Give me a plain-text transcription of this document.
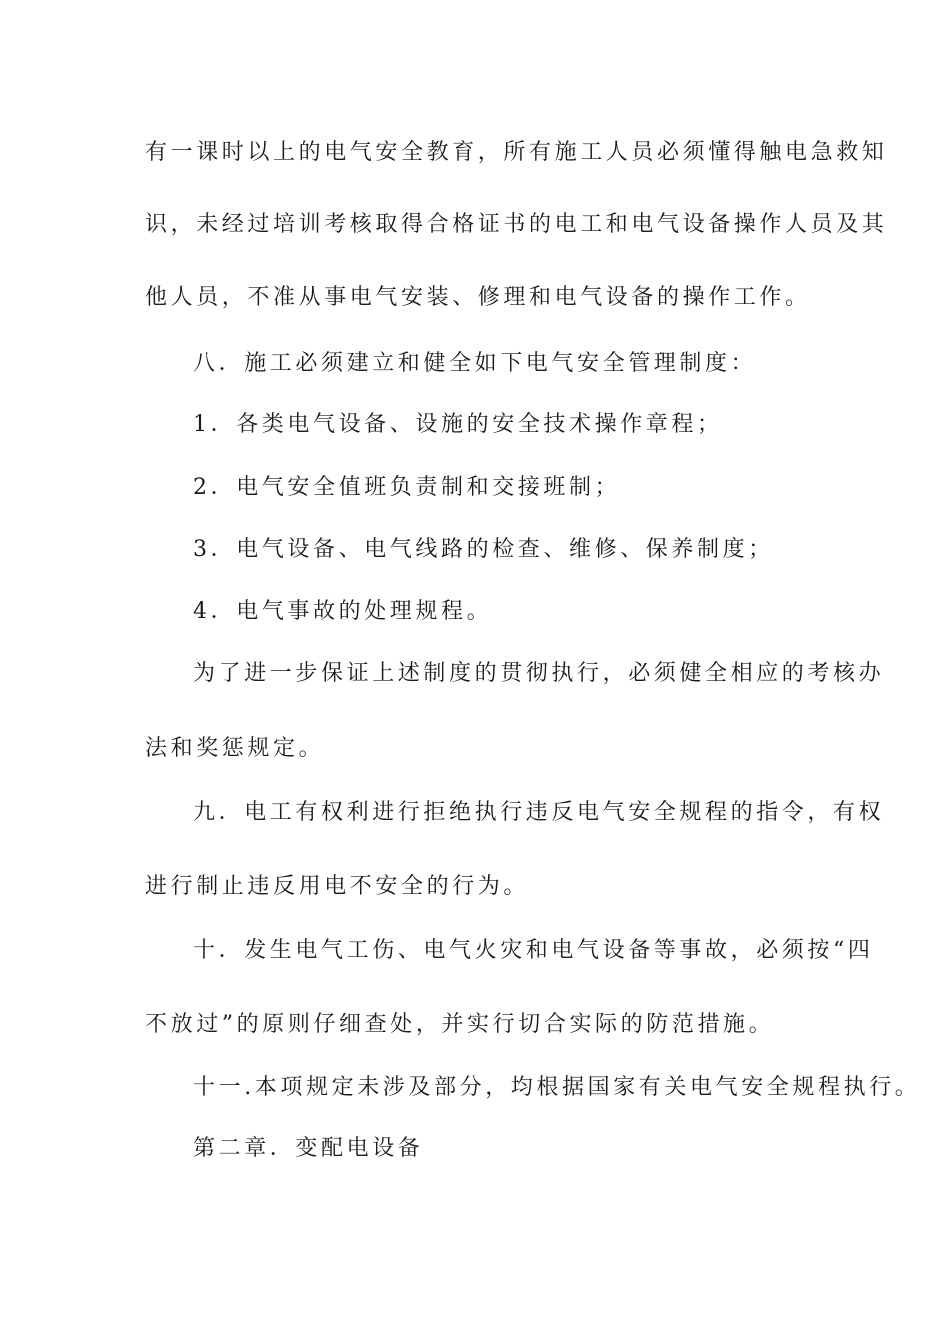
有一课时以上的电气安全教育，所有施工人员必须懂得触电急救知
识，未经过培训考核取得合格证书的电工和电气设备操作人员及其
他人员，不准从事电气安装、修理和电气设备的操作工作。
八．施工必须建立和健全如下电气安全管理制度：
1．各类电气设备、设施的安全技术操作章程；
2．电气安全值班负责制和交接班制；
3．电气设备、电气线路的检查、维修、保养制度；
4．电气事故的处理规程。
为了进一步保证上述制度的贯彻执行，必须健全相应的考核办
法和奖惩规定。
九．电工有权利进行拒绝执行违反电气安全规程的指令，有权
进行制止违反用电不安全的行为。
十．发生电气工伤、电气火灾和电气设备等事故，必须按“四
不放过”的原则仔细查处，并实行切合实际的防范措施。
十一.本项规定未涉及部分，均根据国家有关电气安全规程执行。
第二章．变配电设备
